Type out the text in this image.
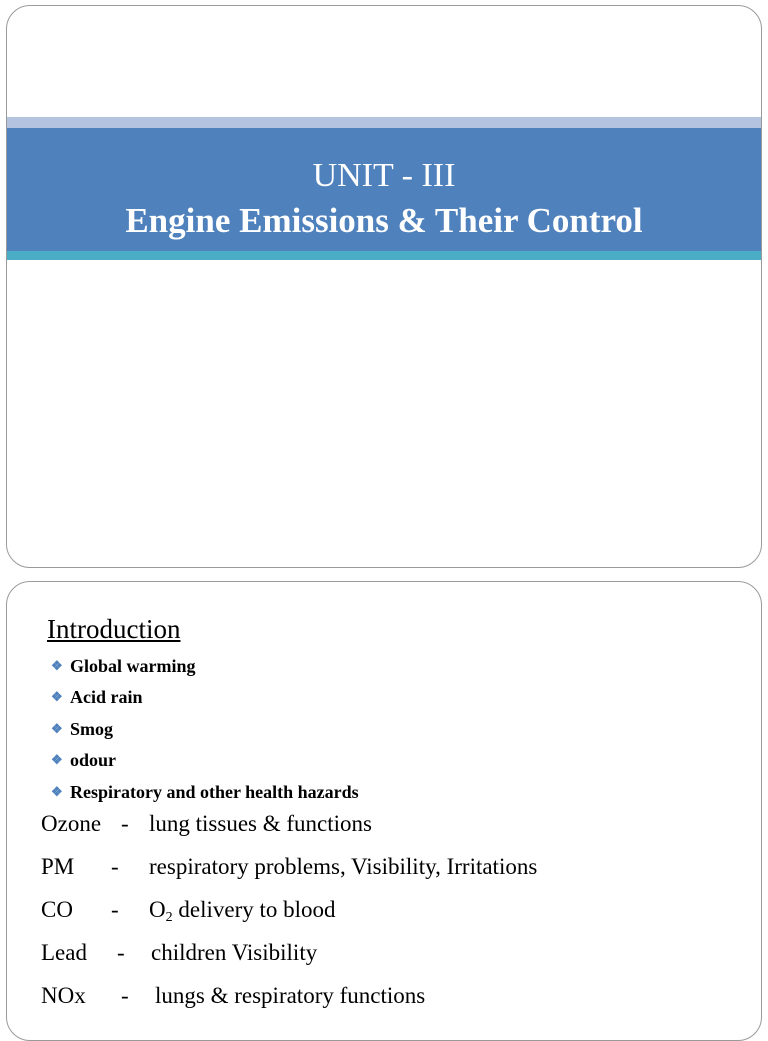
UNIT - III
Engine Emissions & Their Control
Introduction
❖ Global warming
❖ Acid rain
❖ Smog
❖ odour
❖ Respiratory and other health hazards
Ozone - lung tissues & functions
PM - respiratory problems, Visibility, Irritations
CO - $O_2$ delivery to blood
Lead - children Visibility
NOx - lungs & respiratory functions
